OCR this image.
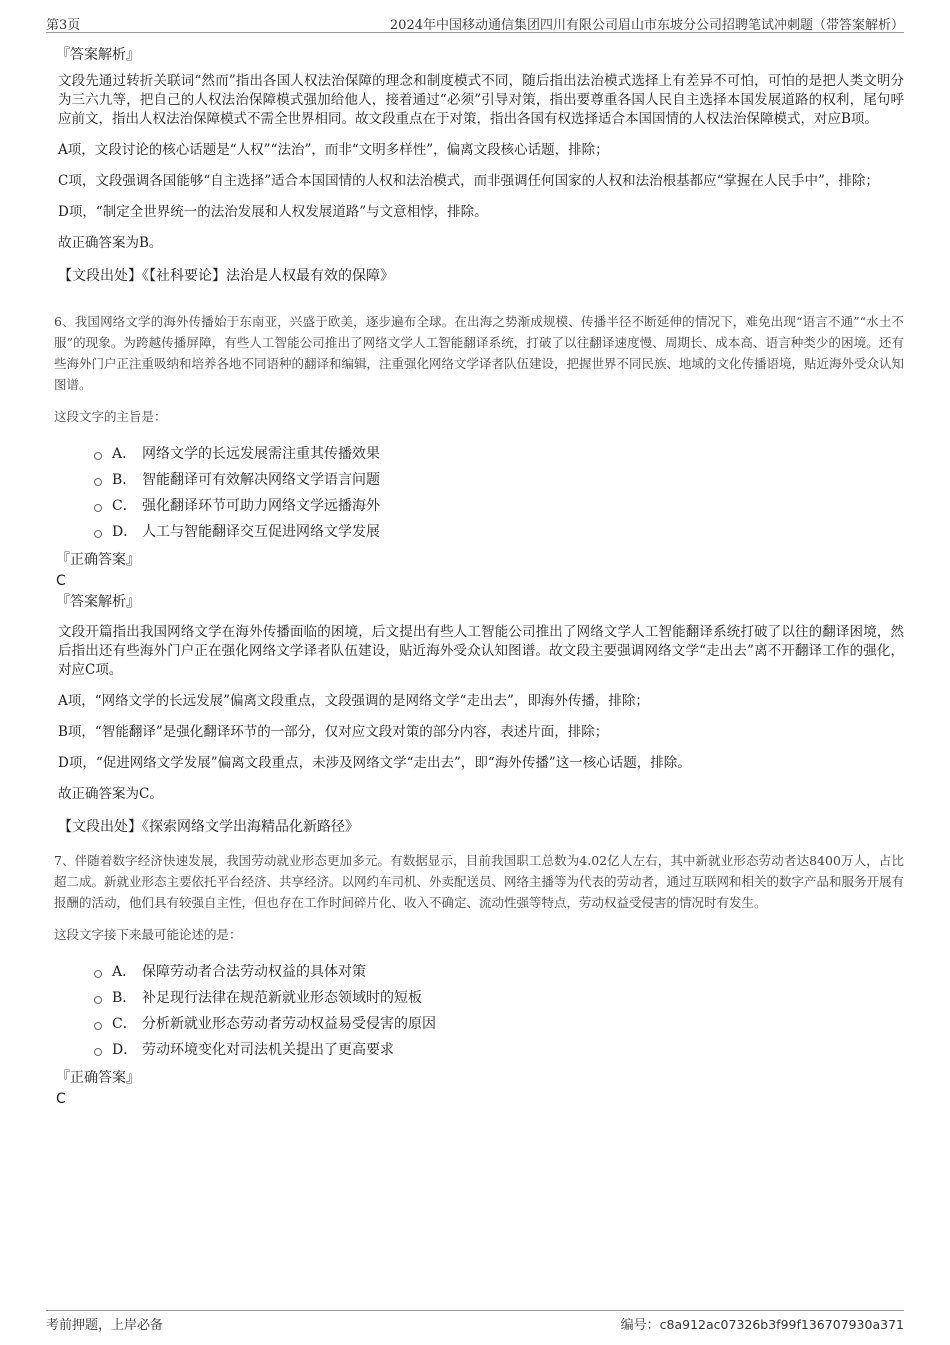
第3页	2024年中国移动通信集团四川有限公司眉山市东坡分公司招聘笔试冲刺题（带答案解析）
『答案解析』
文段先通过转折关联词“然而”指出各国人权法治保障的理念和制度模式不同，随后指出法治模式选择上有差异不可怕，可怕的是把人类文明分为三六九等，把自己的人权法治保障模式强加给他人，接着通过“必须”引导对策，指出要尊重各国人民自主选择本国发展道路的权利，尾句呼应前文，指出人权法治保障模式不需全世界相同。故文段重点在于对策，指出各国有权选择适合本国国情的人权法治保障模式，对应B项。
A项，文段讨论的核心话题是“人权”“法治”，而非“文明多样性”，偏离文段核心话题，排除；
C项，文段强调各国能够“自主选择”适合本国国情的人权和法治模式，而非强调任何国家的人权和法治根基都应“掌握在人民手中”，排除；
D项，“制定全世界统一的法治发展和人权发展道路”与文意相悖，排除。
故正确答案为B。
【文段出处】《【社科要论】法治是人权最有效的保障》
6、我国网络文学的海外传播始于东南亚，兴盛于欧美，逐步遍布全球。在出海之势渐成规模、传播半径不断延伸的情况下，难免出现“语言不通”“水土不服”的现象。为跨越传播屏障，有些人工智能公司推出了网络文学人工智能翻译系统，打破了以往翻译速度慢、周期长、成本高、语言种类少的困境。还有些海外门户正注重吸纳和培养各地不同语种的翻译和编辑，注重强化网络文学译者队伍建设，把握世界不同民族、地域的文化传播语境，贴近海外受众认知图谱。
这段文字的主旨是：
A． 网络文学的长远发展需注重其传播效果
B． 智能翻译可有效解决网络文学语言问题
C． 强化翻译环节可助力网络文学远播海外
D． 人工与智能翻译交互促进网络文学发展
『正确答案』
C
『答案解析』
文段开篇指出我国网络文学在海外传播面临的困境，后文提出有些人工智能公司推出了网络文学人工智能翻译系统打破了以往的翻译困境，然后指出还有些海外门户正在强化网络文学译者队伍建设，贴近海外受众认知图谱。故文段主要强调网络文学“走出去”离不开翻译工作的强化，对应C项。
A项，“网络文学的长远发展”偏离文段重点，文段强调的是网络文学“走出去”，即海外传播，排除；
B项，“智能翻译”是强化翻译环节的一部分，仅对应文段对策的部分内容，表述片面，排除；
D项，“促进网络文学发展”偏离文段重点，未涉及网络文学“走出去”，即“海外传播”这一核心话题，排除。
故正确答案为C。
【文段出处】《探索网络文学出海精品化新路径》
7、伴随着数字经济快速发展，我国劳动就业形态更加多元。有数据显示，目前我国职工总数为4.02亿人左右，其中新就业形态劳动者达8400万人，占比超二成。新就业形态主要依托平台经济、共享经济。以网约车司机、外卖配送员、网络主播等为代表的劳动者，通过互联网和相关的数字产品和服务开展有报酬的活动，他们具有较强自主性，但也存在工作时间碎片化、收入不确定、流动性强等特点，劳动权益受侵害的情况时有发生。
这段文字接下来最可能论述的是：
A． 保障劳动者合法劳动权益的具体对策
B． 补足现行法律在规范新就业形态领域时的短板
C． 分析新就业形态劳动者劳动权益易受侵害的原因
D． 劳动环境变化对司法机关提出了更高要求
『正确答案』
C
考前押题，上岸必备	编号：c8a912ac07326b3f99f136707930a371
